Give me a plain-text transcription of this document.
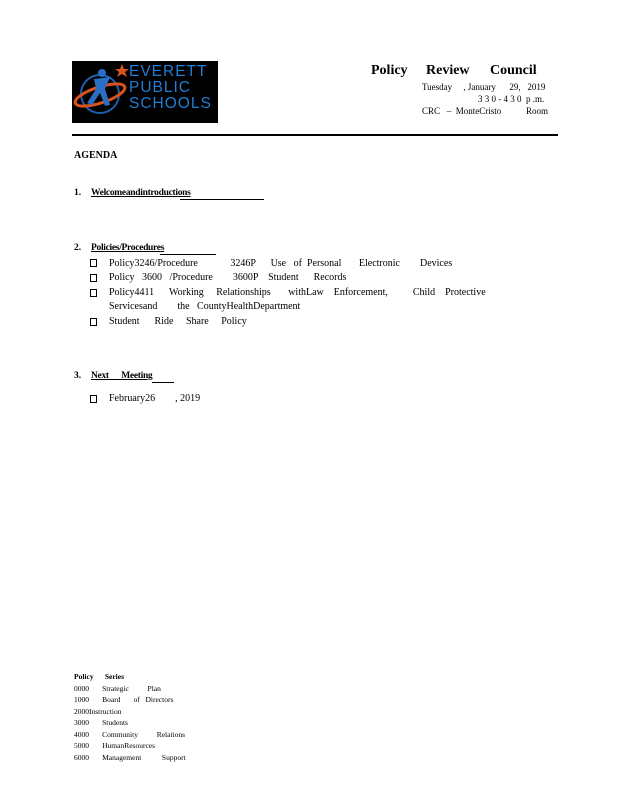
EVERETT
PUBLIC
SCHOOLS
Policy Review Council
Tuesday     , January      29,   2019
3 3 0 - 4 3 0  p .m.
CRC   –  MonteCristo           Room
AGENDA
1. Welcomeandintroductions
2. Policies/Procedures
Policy3246/Procedure             3246P      Use   of  Personal       Electronic        Devices
Policy   3600   /Procedure        3600P    Student      Records
Policy4411      Working     Relationships       withLaw    Enforcement,          Child    Protective
Servicesand        the   CountyHealthDepartment
Student      Ride     Share     Policy
3. Next      Meeting
February26        , 2019
Policy      Series
0000       Strategic          Plan
1000       Board       of   Directors
2000Instruction
3000       Students
4000       Community          Relations
5000       HumanResources
6000       Management           Support
